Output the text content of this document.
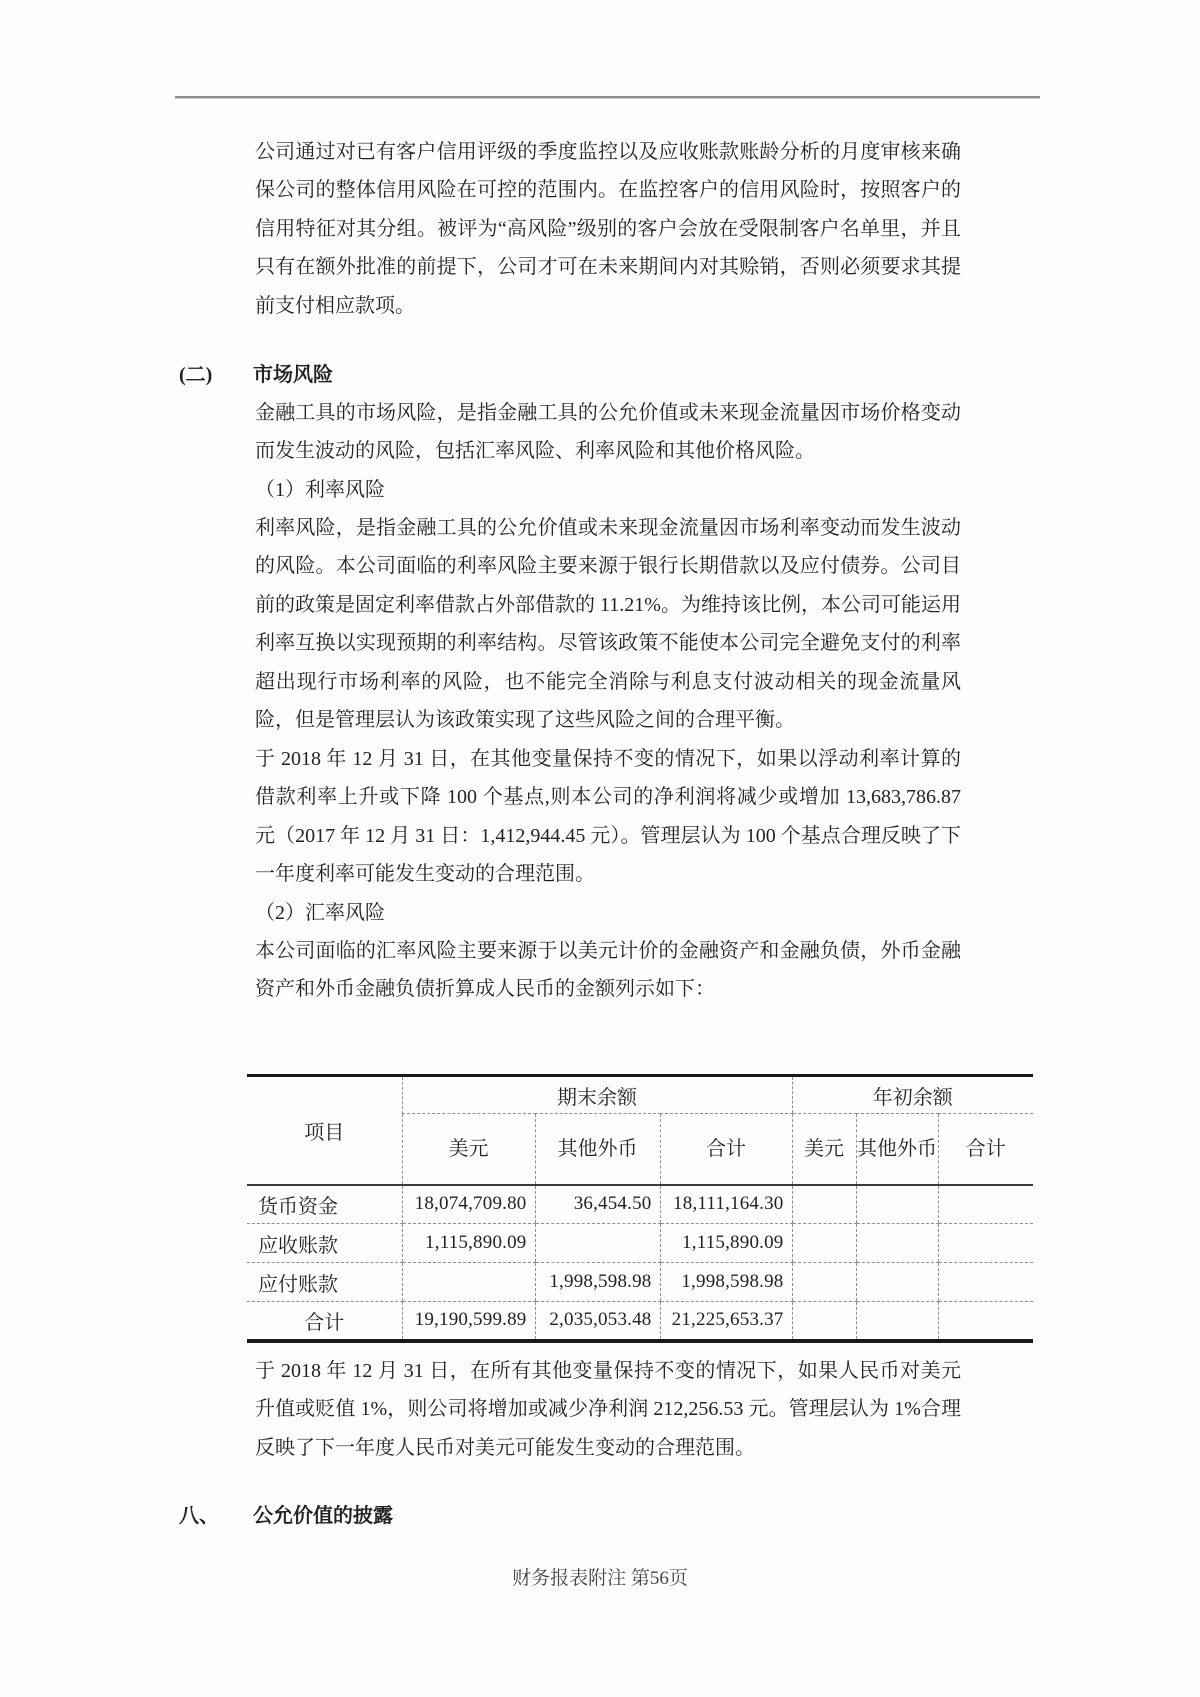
公司通过对已有客户信用评级的季度监控以及应收账款账龄分析的月度审核来确保公司的整体信用风险在可控的范围内。在监控客户的信用风险时，按照客户的信用特征对其分组。被评为“高风险”级别的客户会放在受限制客户名单里，并且只有在额外批准的前提下，公司才可在未来期间内对其赊销，否则必须要求其提前支付相应款项。

(二) 市场风险

金融工具的市场风险，是指金融工具的公允价值或未来现金流量因市场价格变动而发生波动的风险，包括汇率风险、利率风险和其他价格风险。

（1）利率风险

利率风险，是指金融工具的公允价值或未来现金流量因市场利率变动而发生波动的风险。本公司面临的利率风险主要来源于银行长期借款以及应付债券。公司目前的政策是固定利率借款占外部借款的 11.21%。为维持该比例，本公司可能运用利率互换以实现预期的利率结构。尽管该政策不能使本公司完全避免支付的利率超出现行市场利率的风险，也不能完全消除与利息支付波动相关的现金流量风险，但是管理层认为该政策实现了这些风险之间的合理平衡。

于 2018 年 12 月 31 日，在其他变量保持不变的情况下，如果以浮动利率计算的借款利率上升或下降 100 个基点,则本公司的净利润将减少或增加 13,683,786.87 元（2017 年 12 月 31 日：1,412,944.45 元）。管理层认为 100 个基点合理反映了下一年度利率可能发生变动的合理范围。

（2）汇率风险

本公司面临的汇率风险主要来源于以美元计价的金融资产和金融负债，外币金融资产和外币金融负债折算成人民币的金额列示如下：

项目	期末余额			年初余额		
	美元	其他外币	合计	美元	其他外币	合计
货币资金	18,074,709.80	36,454.50	18,111,164.30			
应收账款	1,115,890.09		1,115,890.09			
应付账款		1,998,598.98	1,998,598.98			
合计	19,190,599.89	2,035,053.48	21,225,653.37			

于 2018 年 12 月 31 日，在所有其他变量保持不变的情况下，如果人民币对美元升值或贬值 1%，则公司将增加或减少净利润 212,256.53 元。管理层认为 1%合理反映了下一年度人民币对美元可能发生变动的合理范围。

八、 公允价值的披露
财务报表附注 第56页
